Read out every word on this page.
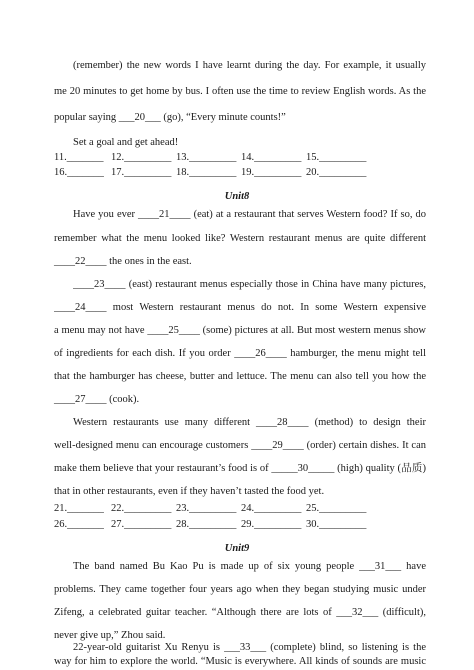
(remember) the new words I have learnt during the day. For example, it usually
me 20 minutes to get home by bus. I often use the time to review English words. As the
popular saying ___20___ (go), “Every minute counts!”
Set a goal and get ahead!
11._______ 12._________ 13._________ 14._________ 15._________
16._______ 17._________ 18._________ 19._________ 20._________
Unit8
Have you ever ____21____ (eat) at a restaurant that serves Western food? If so, do
remember what the menu looked like? Western restaurant menus are quite different
____22____ the ones in the east.
____23____ (east) restaurant menus especially those in China have many pictures,
____24____ most Western restaurant menus do not. In some Western expensive
a menu may not have ____25____ (some) pictures at all. But most western menus show
of ingredients for each dish. If you order ____26____ hamburger, the menu might tell
that the hamburger has cheese, butter and lettuce. The menu can also tell you how the
____27____ (cook).
Western restaurants use many different ____28____ (method) to design their
well-designed menu can encourage customers ____29____ (order) certain dishes. It can
make them believe that your restaurant’s food is of _____30_____ (high) quality (品质)
that in other restaurants, even if they haven’t tasted the food yet.
21._______ 22._________ 23._________ 24._________ 25._________
26._______ 27._________ 28._________ 29._________ 30._________
Unit9
The band named Bu Kao Pu is made up of six young people ___31___ have
problems. They came together four years ago when they began studying music under
Zifeng, a celebrated guitar teacher. “Although there are lots of ___32___ (difficult),
never give up,” Zhou said.
22-year-old guitarist Xu Renyu is ___33___ (complete) blind, so listening is the
way for him to explore the world. “Music is everywhere. All kinds of sounds are music
